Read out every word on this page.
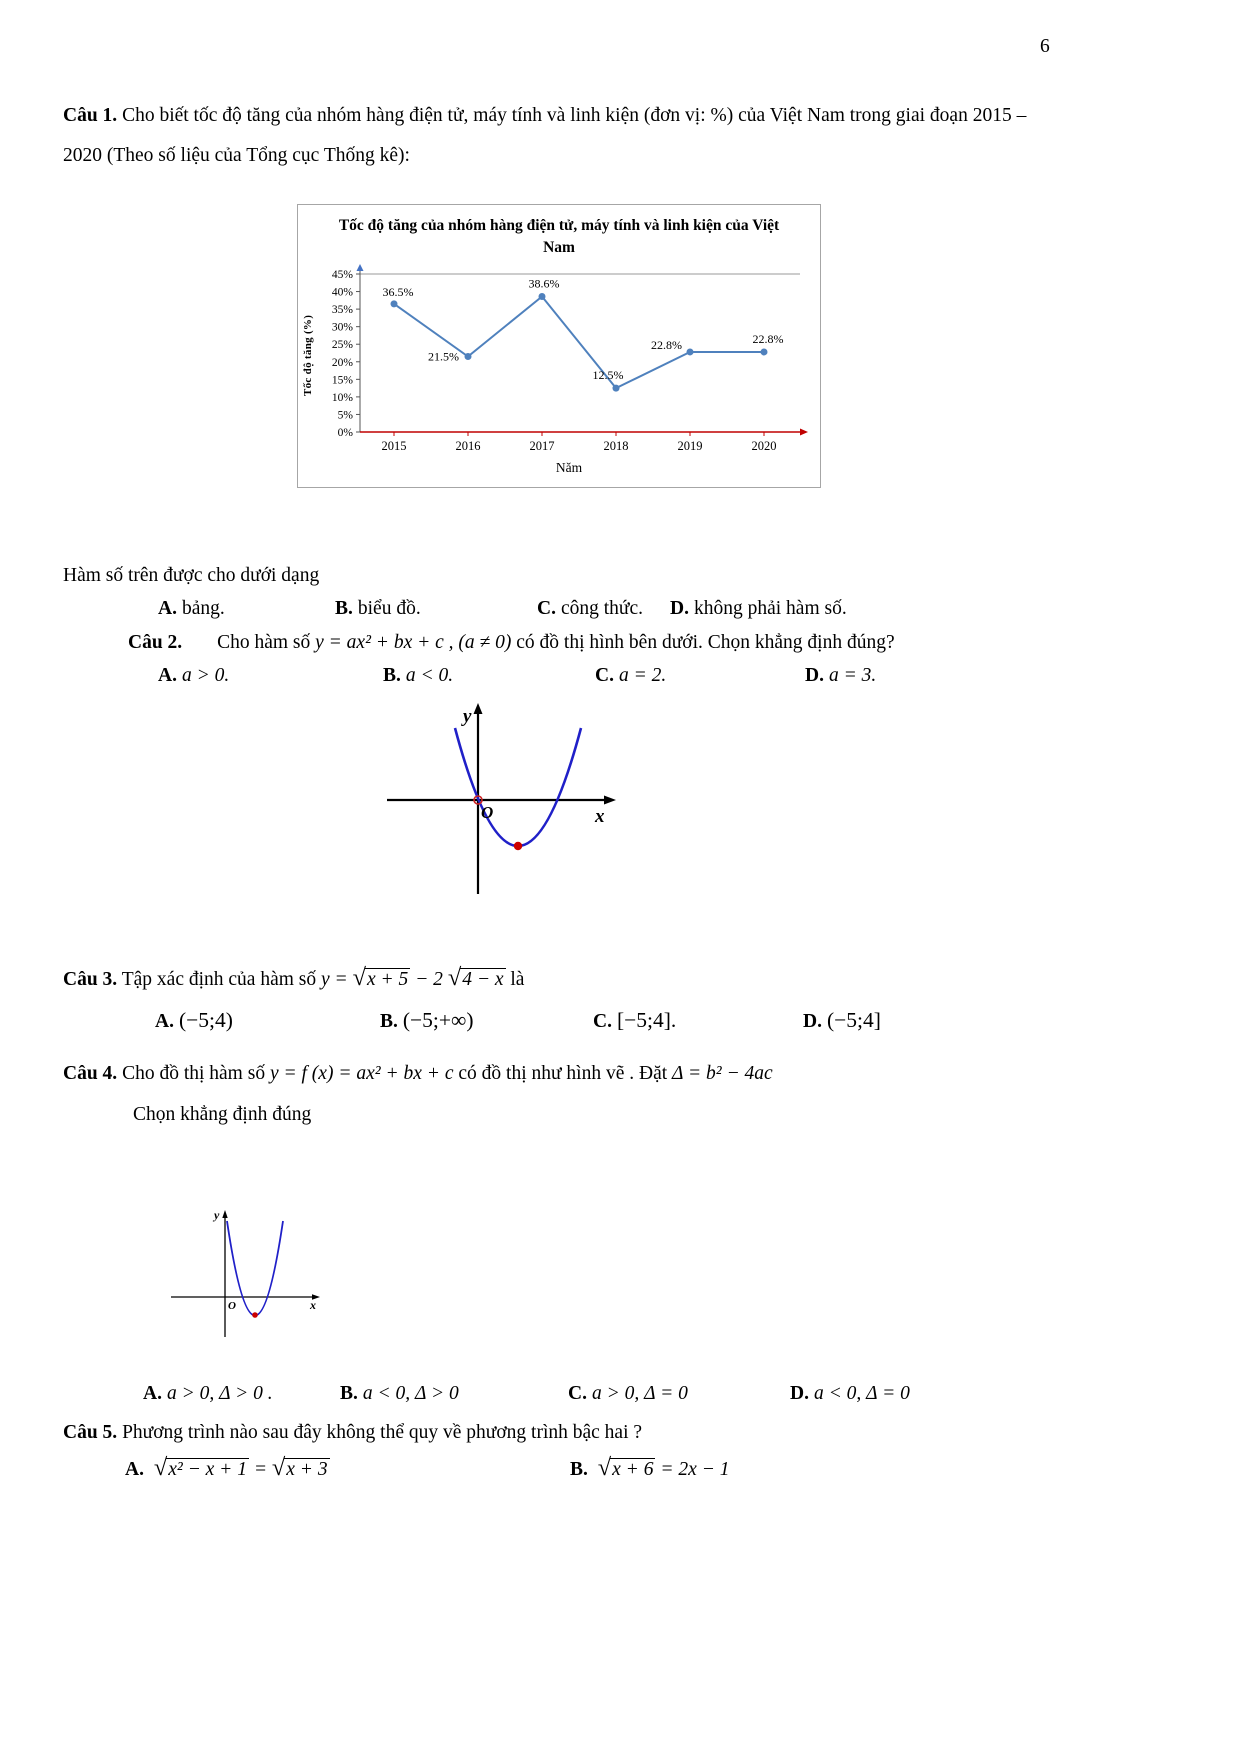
6
Câu 1. Cho biết tốc độ tăng của nhóm hàng điện tử, máy tính và linh kiện (đơn vị: %) của Việt Nam trong giai đoạn 2015 – 2020 (Theo số liệu của Tổng cục Thống kê):
Tốc độ tăng của nhóm hàng điện tử, máy tính và linh kiện của Việt Nam
Tốc độ tăng (%)
45%
40%
35%
30%
25%
20%
15%
10%
5%
0%
2015	2016	2017	2018	2019	2020
36.5%
21.5%
38.6%
12.5%
22.8%	22.8%
Năm
Hàm số trên được cho dưới dạng
A. bảng.	B. biểu đồ.	C. công thức. D. không phải hàm số.
Câu 2. Cho hàm số y = ax² + bx + c , (a ≠ 0) có đồ thị hình bên dưới. Chọn khẳng định đúng?
A. a > 0.	B. a < 0.	C. a = 2.	D. a = 3.
y
x
O
Câu 3. Tập xác định của hàm số y = √x + 5 − 2 √4 − x là
A. (−5;4)	B. (−5;+∞)	C. [−5;4].	D. (−5;4]
Câu 4. Cho đồ thị hàm số y = f (x) = ax² + bx + c có đồ thị như hình vẽ . Đặt Δ = b² − 4ac
Chọn khẳng định đúng
y
x
O
A. a > 0, Δ > 0 .	B. a < 0, Δ > 0	C. a > 0, Δ = 0	D. a < 0, Δ = 0
Câu 5. Phương trình nào sau đây không thể quy về phương trình bậc hai ?
A. √x² − x + 1 = √x + 3	B. √x + 6 = 2x − 1
